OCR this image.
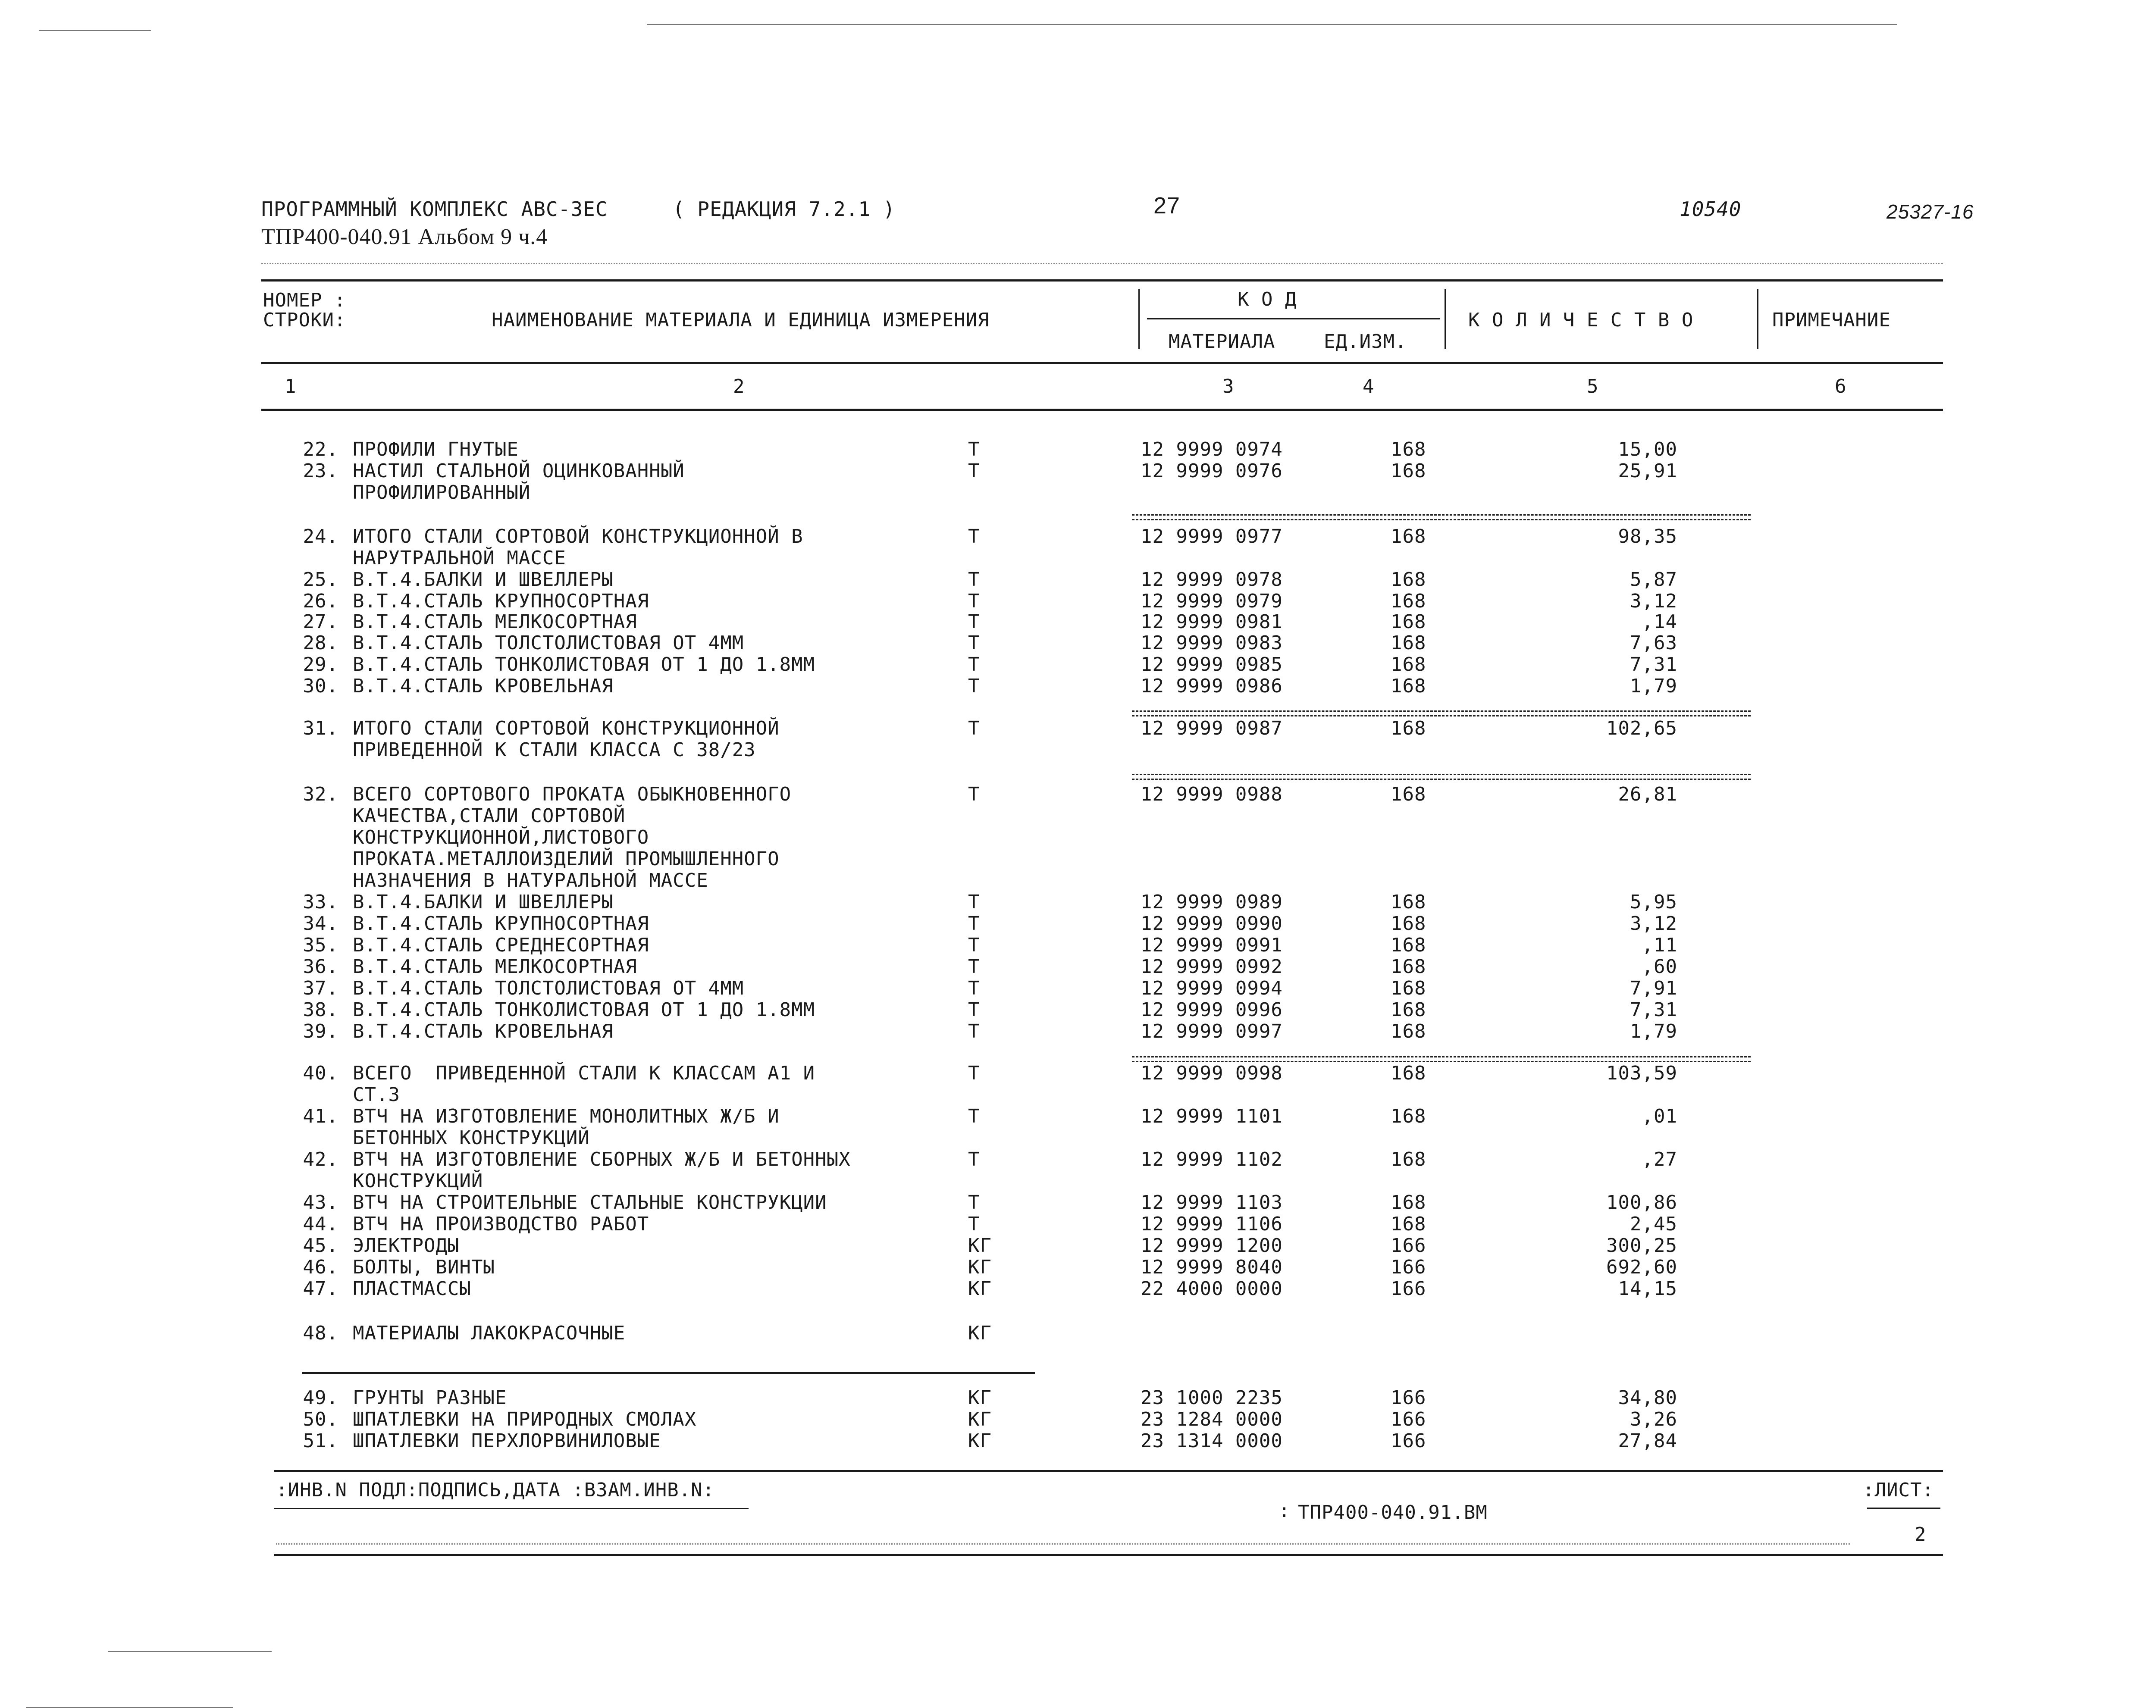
ПРОГРАММНЫЙ КОМПЛЕКС АВС-3ЕС	( РЕДАКЦИЯ 7.2.1 )	27	10540	25327-16
ТПР400-040.91 Альбом 9 ч.4
НОМЕР :
СТРОКИ:	НАИМЕНОВАНИЕ МАТЕРИАЛА И ЕДИНИЦА ИЗМЕРЕНИЯ
К О Д
МАТЕРИАЛА	ЕД.ИЗМ.
К О Л И Ч Е С Т В О	ПРИМЕЧАНИЕ
1	2	3	4	5	6
22. ПРОФИЛИ ГНУТЫЕ	Т	12 9999 0974	168	15,00
23. НАСТИЛ СТАЛЬНОЙ ОЦИНКОВАННЫЙ
ПРОФИЛИРОВАННЫЙ
Т	12 9999 0976	168	25,91
24. ИТОГО СТАЛИ СОРТОВОЙ КОНСТРУКЦИОННОЙ В
НАРУТРАЛЬНОЙ МАССЕ
Т	12 9999 0977	168	98,35
25. В.Т.4.БАЛКИ И ШВЕЛЛЕРЫ	Т	12 9999 0978	168	5,87
26. В.Т.4.СТАЛЬ КРУПНОСОРТНАЯ	Т	12 9999 0979	168	3,12
27. В.Т.4.СТАЛЬ МЕЛКОСОРТНАЯ	Т	12 9999 0981	168	,14
28. В.Т.4.СТАЛЬ ТОЛСТОЛИСТОВАЯ ОТ 4ММ	Т	12 9999 0983	168	7,63
29. В.Т.4.СТАЛЬ ТОНКОЛИСТОВАЯ ОТ 1 ДО 1.8ММ	Т	12 9999 0985	168	7,31
30. В.Т.4.СТАЛЬ КРОВЕЛЬНАЯ	Т	12 9999 0986	168	1,79
31. ИТОГО СТАЛИ СОРТОВОЙ КОНСТРУКЦИОННОЙ
ПРИВЕДЕННОЙ К СТАЛИ КЛАССА С 38/23
Т	12 9999 0987	168	102,65
32. ВСЕГО СОРТОВОГО ПРОКАТА ОБЫКНОВЕННОГО
КАЧЕСТВА,СТАЛИ СОРТОВОЙ
КОНСТРУКЦИОННОЙ,ЛИСТОВОГО
ПРОКАТА.МЕТАЛЛОИЗДЕЛИЙ ПРОМЫШЛЕННОГО
НАЗНАЧЕНИЯ В НАТУРАЛЬНОЙ МАССЕ
Т	12 9999 0988	168	26,81
33. В.Т.4.БАЛКИ И ШВЕЛЛЕРЫ	Т	12 9999 0989	168	5,95
34. В.Т.4.СТАЛЬ КРУПНОСОРТНАЯ	Т	12 9999 0990	168	3,12
35. В.Т.4.СТАЛЬ СРЕДНЕСОРТНАЯ	Т	12 9999 0991	168	,11
36. В.Т.4.СТАЛЬ МЕЛКОСОРТНАЯ	Т	12 9999 0992	168	,60
37. В.Т.4.СТАЛЬ ТОЛСТОЛИСТОВАЯ ОТ 4ММ	Т	12 9999 0994	168	7,91
38. В.Т.4.СТАЛЬ ТОНКОЛИСТОВАЯ ОТ 1 ДО 1.8ММ	Т	12 9999 0996	168	7,31
39. В.Т.4.СТАЛЬ КРОВЕЛЬНАЯ	Т	12 9999 0997	168	1,79
40. ВСЕГО  ПРИВЕДЕННОЙ СТАЛИ К КЛАССАМ А1 И
СТ.3
Т	12 9999 0998	168	103,59
41. ВТЧ НА ИЗГОТОВЛЕНИЕ МОНОЛИТНЫХ Ж/Б И
БЕТОННЫХ КОНСТРУКЦИЙ
Т	12 9999 1101	168	,01
42. ВТЧ НА ИЗГОТОВЛЕНИЕ СБОРНЫХ Ж/Б И БЕТОННЫХ
КОНСТРУКЦИЙ
Т	12 9999 1102	168	,27
43. ВТЧ НА СТРОИТЕЛЬНЫЕ СТАЛЬНЫЕ КОНСТРУКЦИИ	Т	12 9999 1103	168	100,86
44. ВТЧ НА ПРОИЗВОДСТВО РАБОТ	Т	12 9999 1106	168	2,45
45. ЭЛЕКТРОДЫ	КГ	12 9999 1200	166	300,25
46. БОЛТЫ, ВИНТЫ	КГ	12 9999 8040	166	692,60
47. ПЛАСТМАССЫ	КГ	22 4000 0000	166	14,15
48. МАТЕРИАЛЫ ЛАКОКРАСОЧНЫЕ	КГ
49. ГРУНТЫ РАЗНЫЕ	КГ	23 1000 2235	166	34,80
50. ШПАТЛЕВКИ НА ПРИРОДНЫХ СМОЛАХ	КГ	23 1284 0000	166	3,26
51. ШПАТЛЕВКИ ПЕРХЛОРВИНИЛОВЫЕ	КГ	23 1314 0000	166	27,84
:ИНВ.N ПОДЛ:ПОДПИСЬ,ДАТА :ВЗАМ.ИНВ.N:
: ТПР400-040.91.ВМ
:ЛИСТ:
2
